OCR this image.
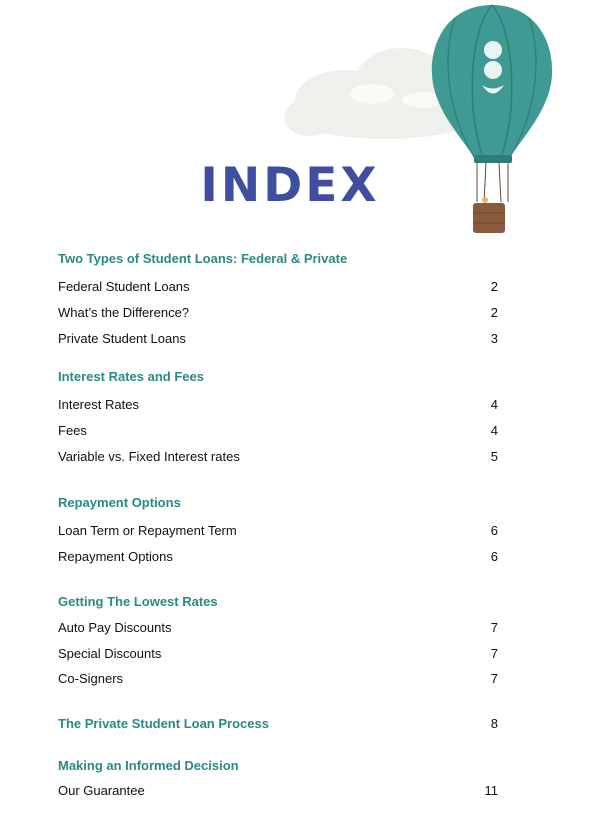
INDEX
Two Types of Student Loans: Federal & Private
Federal Student Loans	2
What’s the Difference?	2
Private Student Loans	3
Interest Rates and Fees
Interest Rates	4
Fees	4
Variable vs. Fixed Interest rates	5
Repayment Options
Loan Term or Repayment Term	6
Repayment Options	6
Getting The Lowest Rates
Auto Pay Discounts	7
Special Discounts	7
Co-Signers	7
The Private Student Loan Process	8
Making an Informed Decision
Our Guarantee	11
